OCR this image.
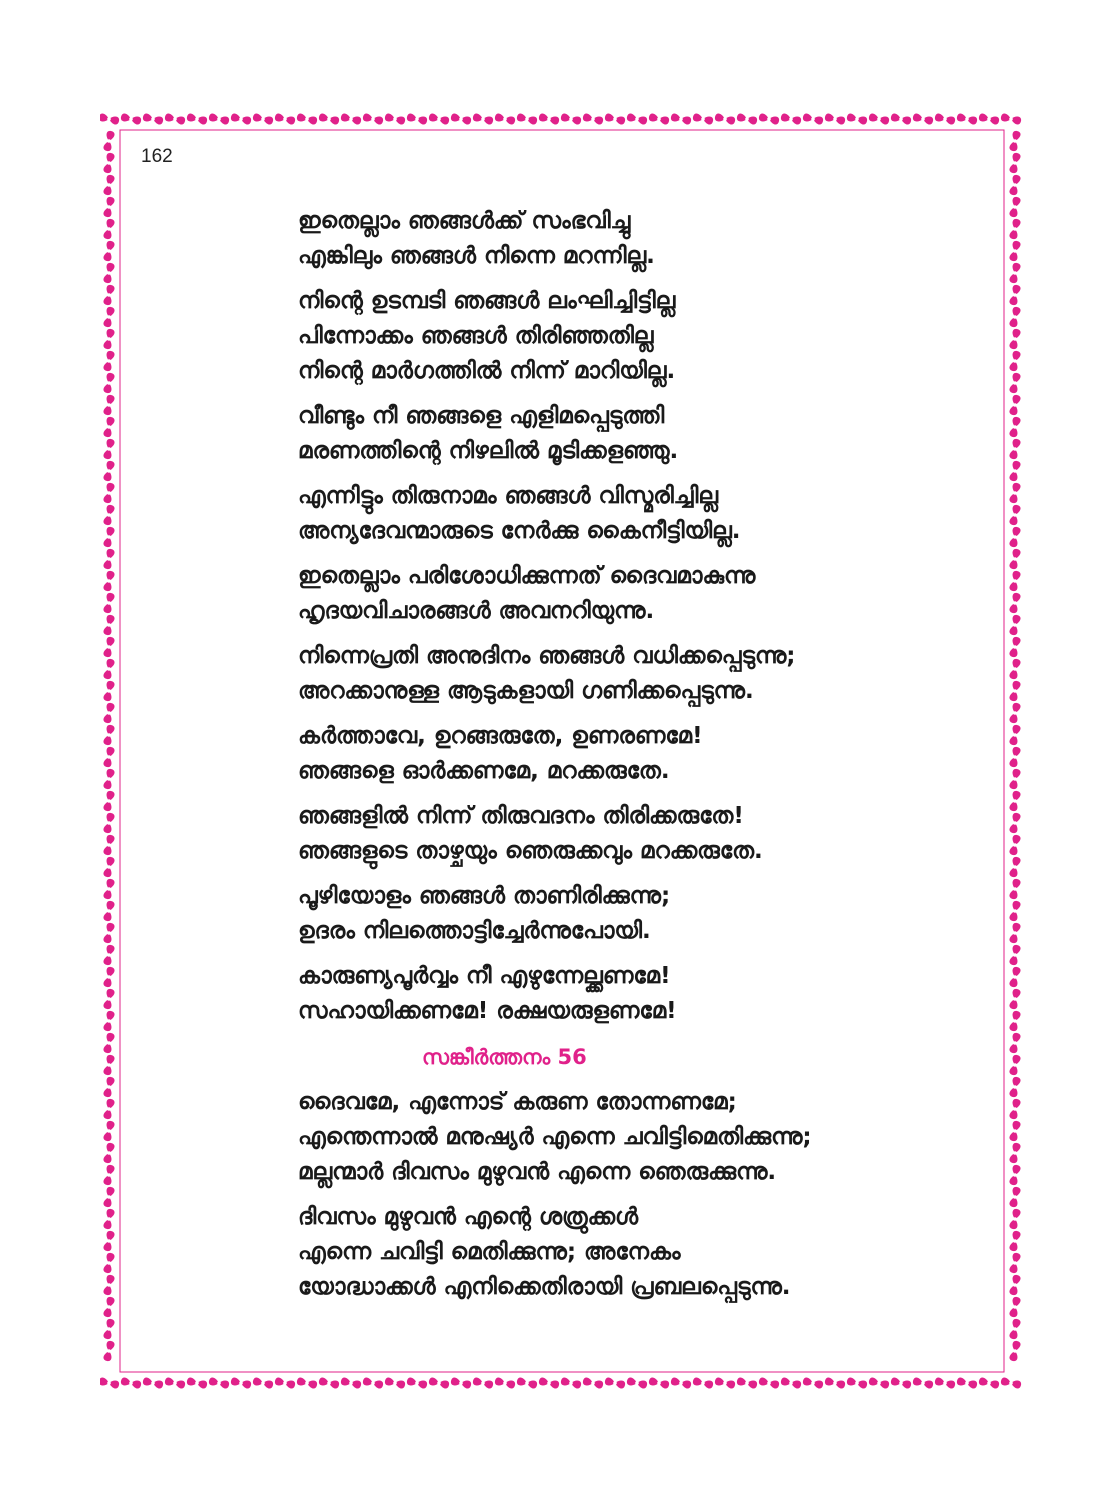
162
ഇതെല്ലാം ഞങ്ങൾക്ക് സംഭവിച്ചു
എങ്കിലും ഞങ്ങൾ നിന്നെ മറന്നില്ല.
നിന്റെ ഉടമ്പടി ഞങ്ങൾ ലംഘിച്ചിട്ടില്ല
പിന്നോക്കം ഞങ്ങൾ തിരിഞ്ഞതില്ല
നിന്റെ മാർഗത്തിൽ നിന്ന് മാറിയില്ല.
വീണ്ടും നീ ഞങ്ങളെ എളിമപ്പെടുത്തി
മരണത്തിന്റെ നിഴലിൽ മൂടിക്കളഞ്ഞു.
എന്നിട്ടും തിരുനാമം ഞങ്ങൾ വിസ്മരിച്ചില്ല
അന്യദേവന്മാരുടെ നേർക്കു കൈനീട്ടിയില്ല.
ഇതെല്ലാം പരിശോധിക്കുന്നത് ദൈവമാകുന്നു
ഹൃദയവിചാരങ്ങൾ അവനറിയുന്നു.
നിന്നെപ്രതി അനുദിനം ഞങ്ങൾ വധിക്കപ്പെടുന്നു;
അറക്കാനുള്ള ആടുകളായി ഗണിക്കപ്പെടുന്നു.
കർത്താവേ, ഉറങ്ങരുതേ, ഉണരണമേ!
ഞങ്ങളെ ഓർക്കണമേ, മറക്കരുതേ.
ഞങ്ങളിൽ നിന്ന് തിരുവദനം തിരിക്കരുതേ!
ഞങ്ങളുടെ താഴ്ചയും ഞെരുക്കവും മറക്കരുതേ.
പൂഴിയോളം ഞങ്ങൾ താണിരിക്കുന്നു;
ഉദരം നിലത്തൊട്ടിച്ചേർന്നുപോയി.
കാരുണ്യപൂർവ്വം നീ എഴുന്നേല്ക്കണമേ!
സഹായിക്കണമേ! രക്ഷയരുളണമേ!
സങ്കീർത്തനം 56
ദൈവമേ, എന്നോട് കരുണ തോന്നണമേ;
എന്തെന്നാൽ മനുഷ്യർ എന്നെ ചവിട്ടിമെതിക്കുന്നു;
മല്ലന്മാർ ദിവസം മുഴുവൻ എന്നെ ഞെരുക്കുന്നു.
ദിവസം മുഴുവൻ എന്റെ ശത്രുക്കൾ
എന്നെ ചവിട്ടി മെതിക്കുന്നു; അനേകം
യോദ്ധാക്കൾ എനിക്കെതിരായി പ്രബലപ്പെടുന്നു.
